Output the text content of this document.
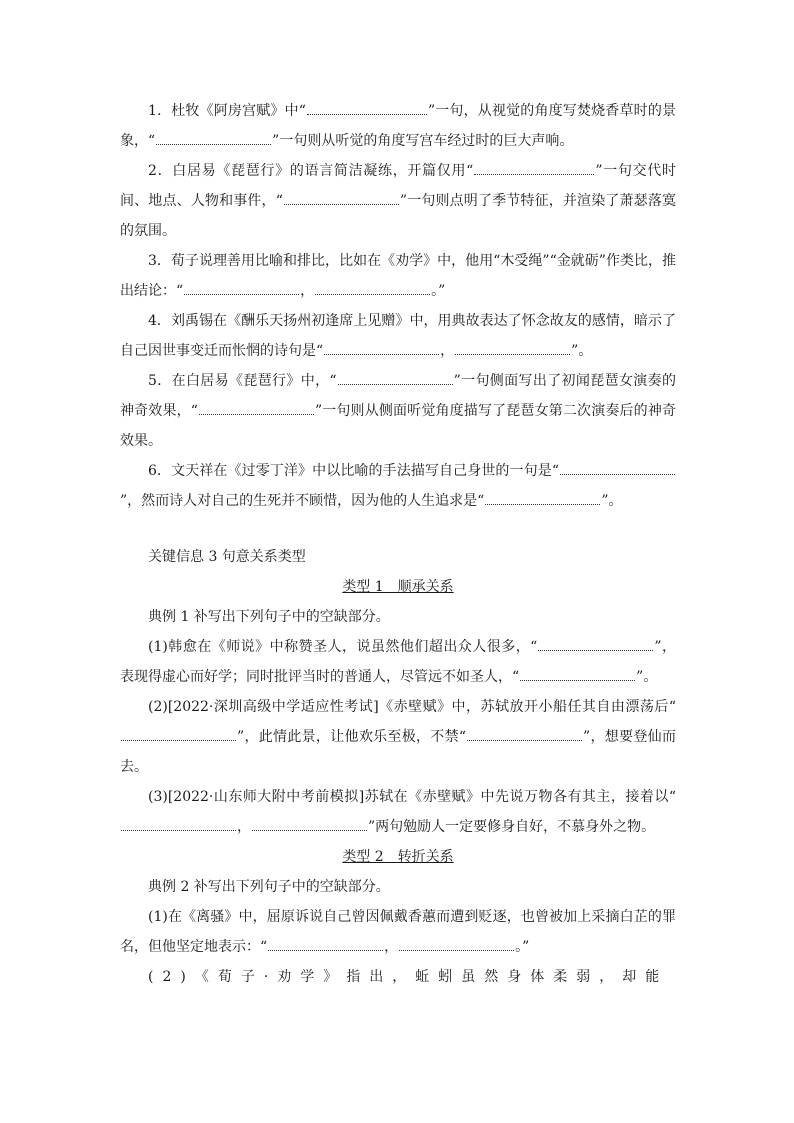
1．杜牧《阿房宫赋》中“	”一句，从视觉的角度写焚烧香草时的景象，“	”一句则从听觉的角度写宫车经过时的巨大声响。

2．白居易《琵琶行》的语言简洁凝练，开篇仅用“	”一句交代时间、地点、人物和事件，“	”一句则点明了季节特征，并渲染了萧瑟落寞的氛围。

3．荀子说理善用比喻和排比，比如在《劝学》中，他用“木受绳”“金就砺”作类比，推出结论：“	，	。”

4．刘禹锡在《酬乐天扬州初逢席上见赠》中，用典故表达了怀念故友的感情，暗示了自己因世事变迁而怅惘的诗句是“	，	”。

5．在白居易《琵琶行》中，“	”一句侧面写出了初闻琵琶女演奏的神奇效果，“	”一句则从侧面听觉角度描写了琵琶女第二次演奏后的神奇效果。

6．文天祥在《过零丁洋》中以比喻的手法描写自己身世的一句是“”，然而诗人对自己的生死并不顾惜，因为他的人生追求是“	”。

关键信息 3 句意关系类型

类型 1　顺承关系

典例 1 补写出下列句子中的空缺部分。

(1)韩愈在《师说》中称赞圣人，说虽然他们超出众人很多，“	”，表现得虚心而好学；同时批评当时的普通人，尽管远不如圣人，“	”。

(2)[2022·深圳高级中学适应性考试]《赤壁赋》中，苏轼放开小船任其自由漂荡后“”，此情此景，让他欢乐至极，不禁“	”，想要登仙而去。

(3)[2022·山东师大附中考前模拟]苏轼在《赤壁赋》中先说万物各有其主，接着以“，	”两句勉励人一定要修身自好，不慕身外之物。

类型 2　转折关系

典例 2 补写出下列句子中的空缺部分。

(1)在《离骚》中，屈原诉说自己曾因佩戴香蕙而遭到贬逐，也曾被加上采摘白芷的罪名，但他坚定地表示：“	，	。”

(2)《荀子·劝学》指出，蚯蚓虽然身体柔弱，却能
